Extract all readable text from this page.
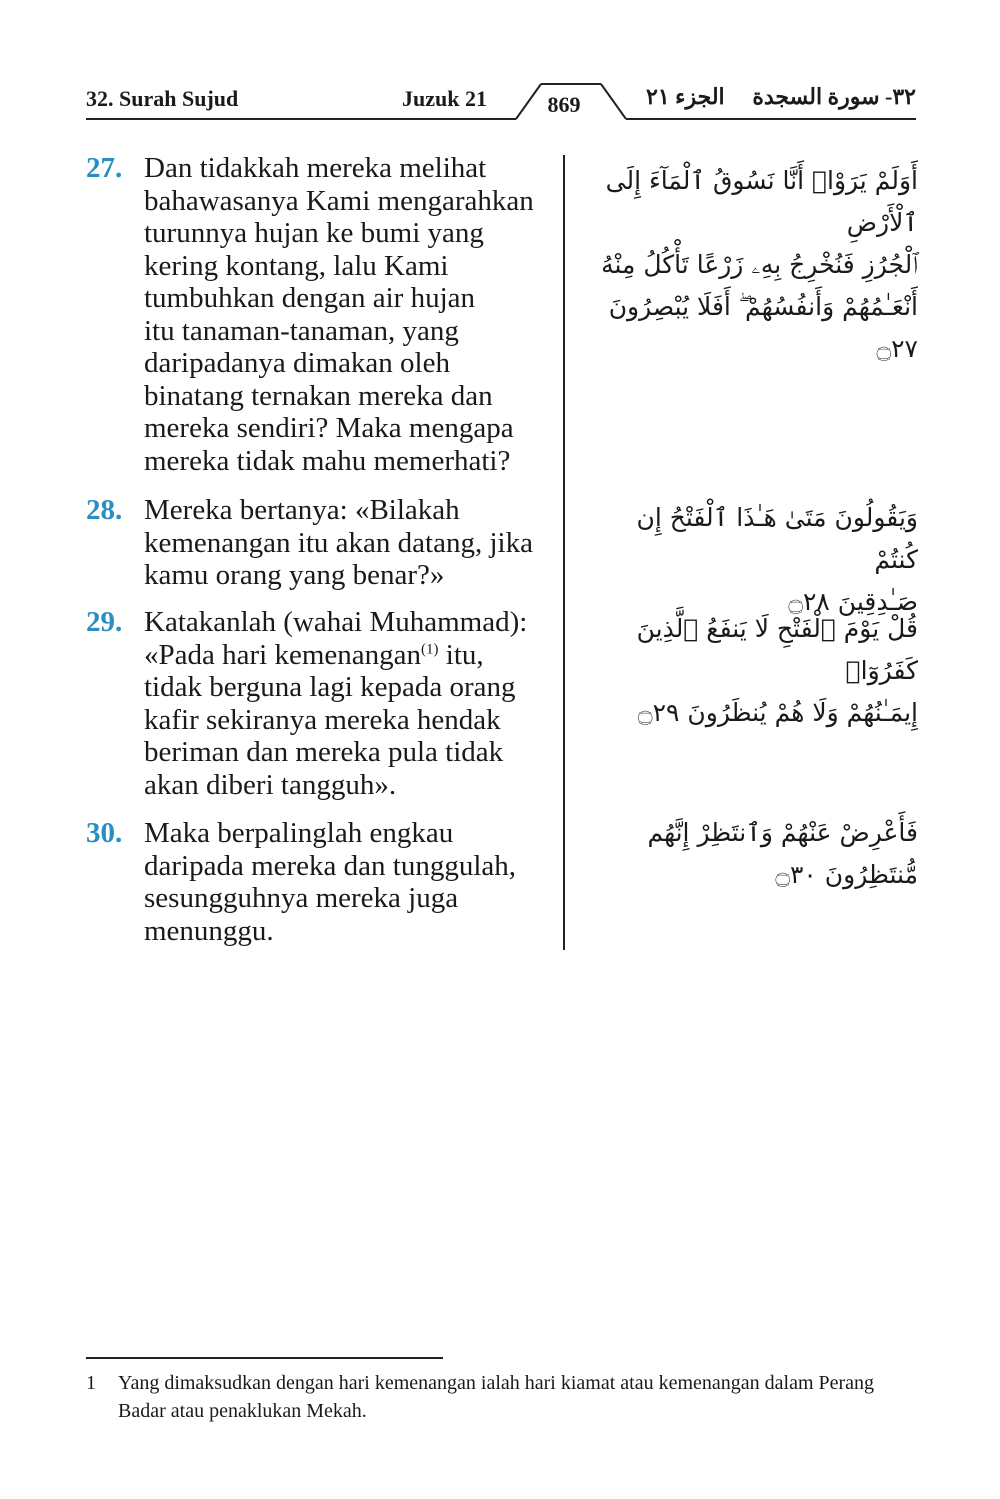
32. Surah Sujud	Juzuk 21	869	الجزء ٢١ ٣٢- سورة السجدة
27. Dan tidakkah mereka melihat
bahawasanya Kami mengarahkan
turunnya hujan ke bumi yang
kering kontang, lalu Kami
tumbuhkan dengan air hujan
itu tanaman-tanaman, yang
daripadanya dimakan oleh
binatang ternakan mereka dan
mereka sendiri? Maka mengapa
mereka tidak mahu memerhati?

أَوَلَمْ يَرَوْا۟ أَنَّا نَسُوقُ ٱلْمَآءَ إِلَى ٱلْأَرْضِ

ٱلْجُرُزِ فَنُخْرِجُ بِهِۦ زَرْعًا تَأْكُلُ مِنْهُ

أَنْعَـٰمُهُمْ وَأَنفُسُهُمْ ۖ أَفَلَا يُبْصِرُونَ ۝٢٧

28. Mereka bertanya: «Bilakah
kemenangan itu akan datang, jika
kamu orang yang benar?»

وَيَقُولُونَ مَتَىٰ هَـٰذَا ٱلْفَتْحُ إِن كُنتُمْ

صَـٰدِقِينَ ۝٢٨

29. Katakanlah (wahai Muhammad):
«Pada hari kemenangan$^{(1)}$ itu,
tidak berguna lagi kepada orang
kafir sekiranya mereka hendak
beriman dan mereka pula tidak
akan diberi tangguh».

قُلْ يَوْمَ ٱلْفَتْحِ لَا يَنفَعُ ٱلَّذِينَ كَفَرُوٓا۟

إِيمَـٰنُهُمْ وَلَا هُمْ يُنظَرُونَ ۝٢٩

30. Maka berpalinglah engkau
daripada mereka dan tunggulah,
sesungguhnya mereka juga
menunggu.

فَأَعْرِضْ عَنْهُمْ وَٱنتَظِرْ إِنَّهُم مُّنتَظِرُونَ ۝٣٠

1 Yang dimaksudkan dengan hari kemenangan ialah hari kiamat atau kemenangan dalam Perang Badar atau penaklukan Mekah.
